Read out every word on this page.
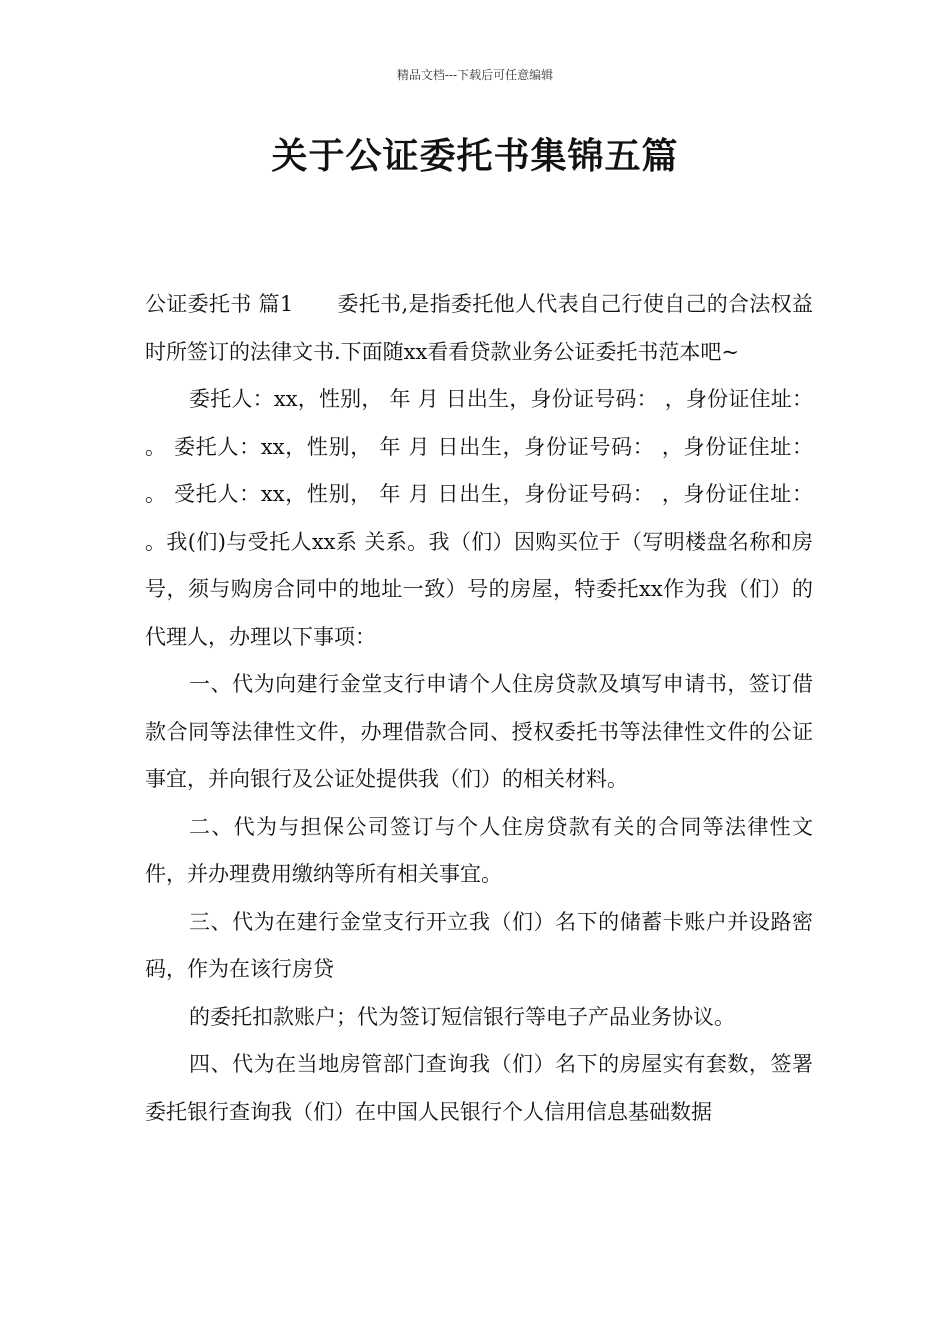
精品文档---下载后可任意编辑
关于公证委托书集锦五篇

公证委托书 篇1 委托书,是指委托他人代表自己行使自己的合法权益时所签订的法律文书.下面随xx看看贷款业务公证委托书范本吧~

委托人：xx，性别， 年 月 日出生，身份证号码： ，身份证住址： 。 委托人：xx，性别， 年 月 日出生，身份证号码： ，身份证住址： 。 受托人：xx，性别， 年 月 日出生，身份证号码： ，身份证住址： 。我(们)与受托人xx系 关系。我（们）因购买位于（写明楼盘名称和房号，须与购房合同中的地址一致）号的房屋，特委托xx作为我（们）的代理人，办理以下事项：

一、代为向建行金堂支行申请个人住房贷款及填写申请书，签订借款合同等法律性文件，办理借款合同、授权委托书等法律性文件的公证事宜，并向银行及公证处提供我（们）的相关材料。

二、代为与担保公司签订与个人住房贷款有关的合同等法律性文件，并办理费用缴纳等所有相关事宜。

三、代为在建行金堂支行开立我（们）名下的储蓄卡账户并设路密码，作为在该行房贷

的委托扣款账户；代为签订短信银行等电子产品业务协议。

四、代为在当地房管部门查询我（们）名下的房屋实有套数，签署委托银行查询我（们）在中国人民银行个人信用信息基础数据
